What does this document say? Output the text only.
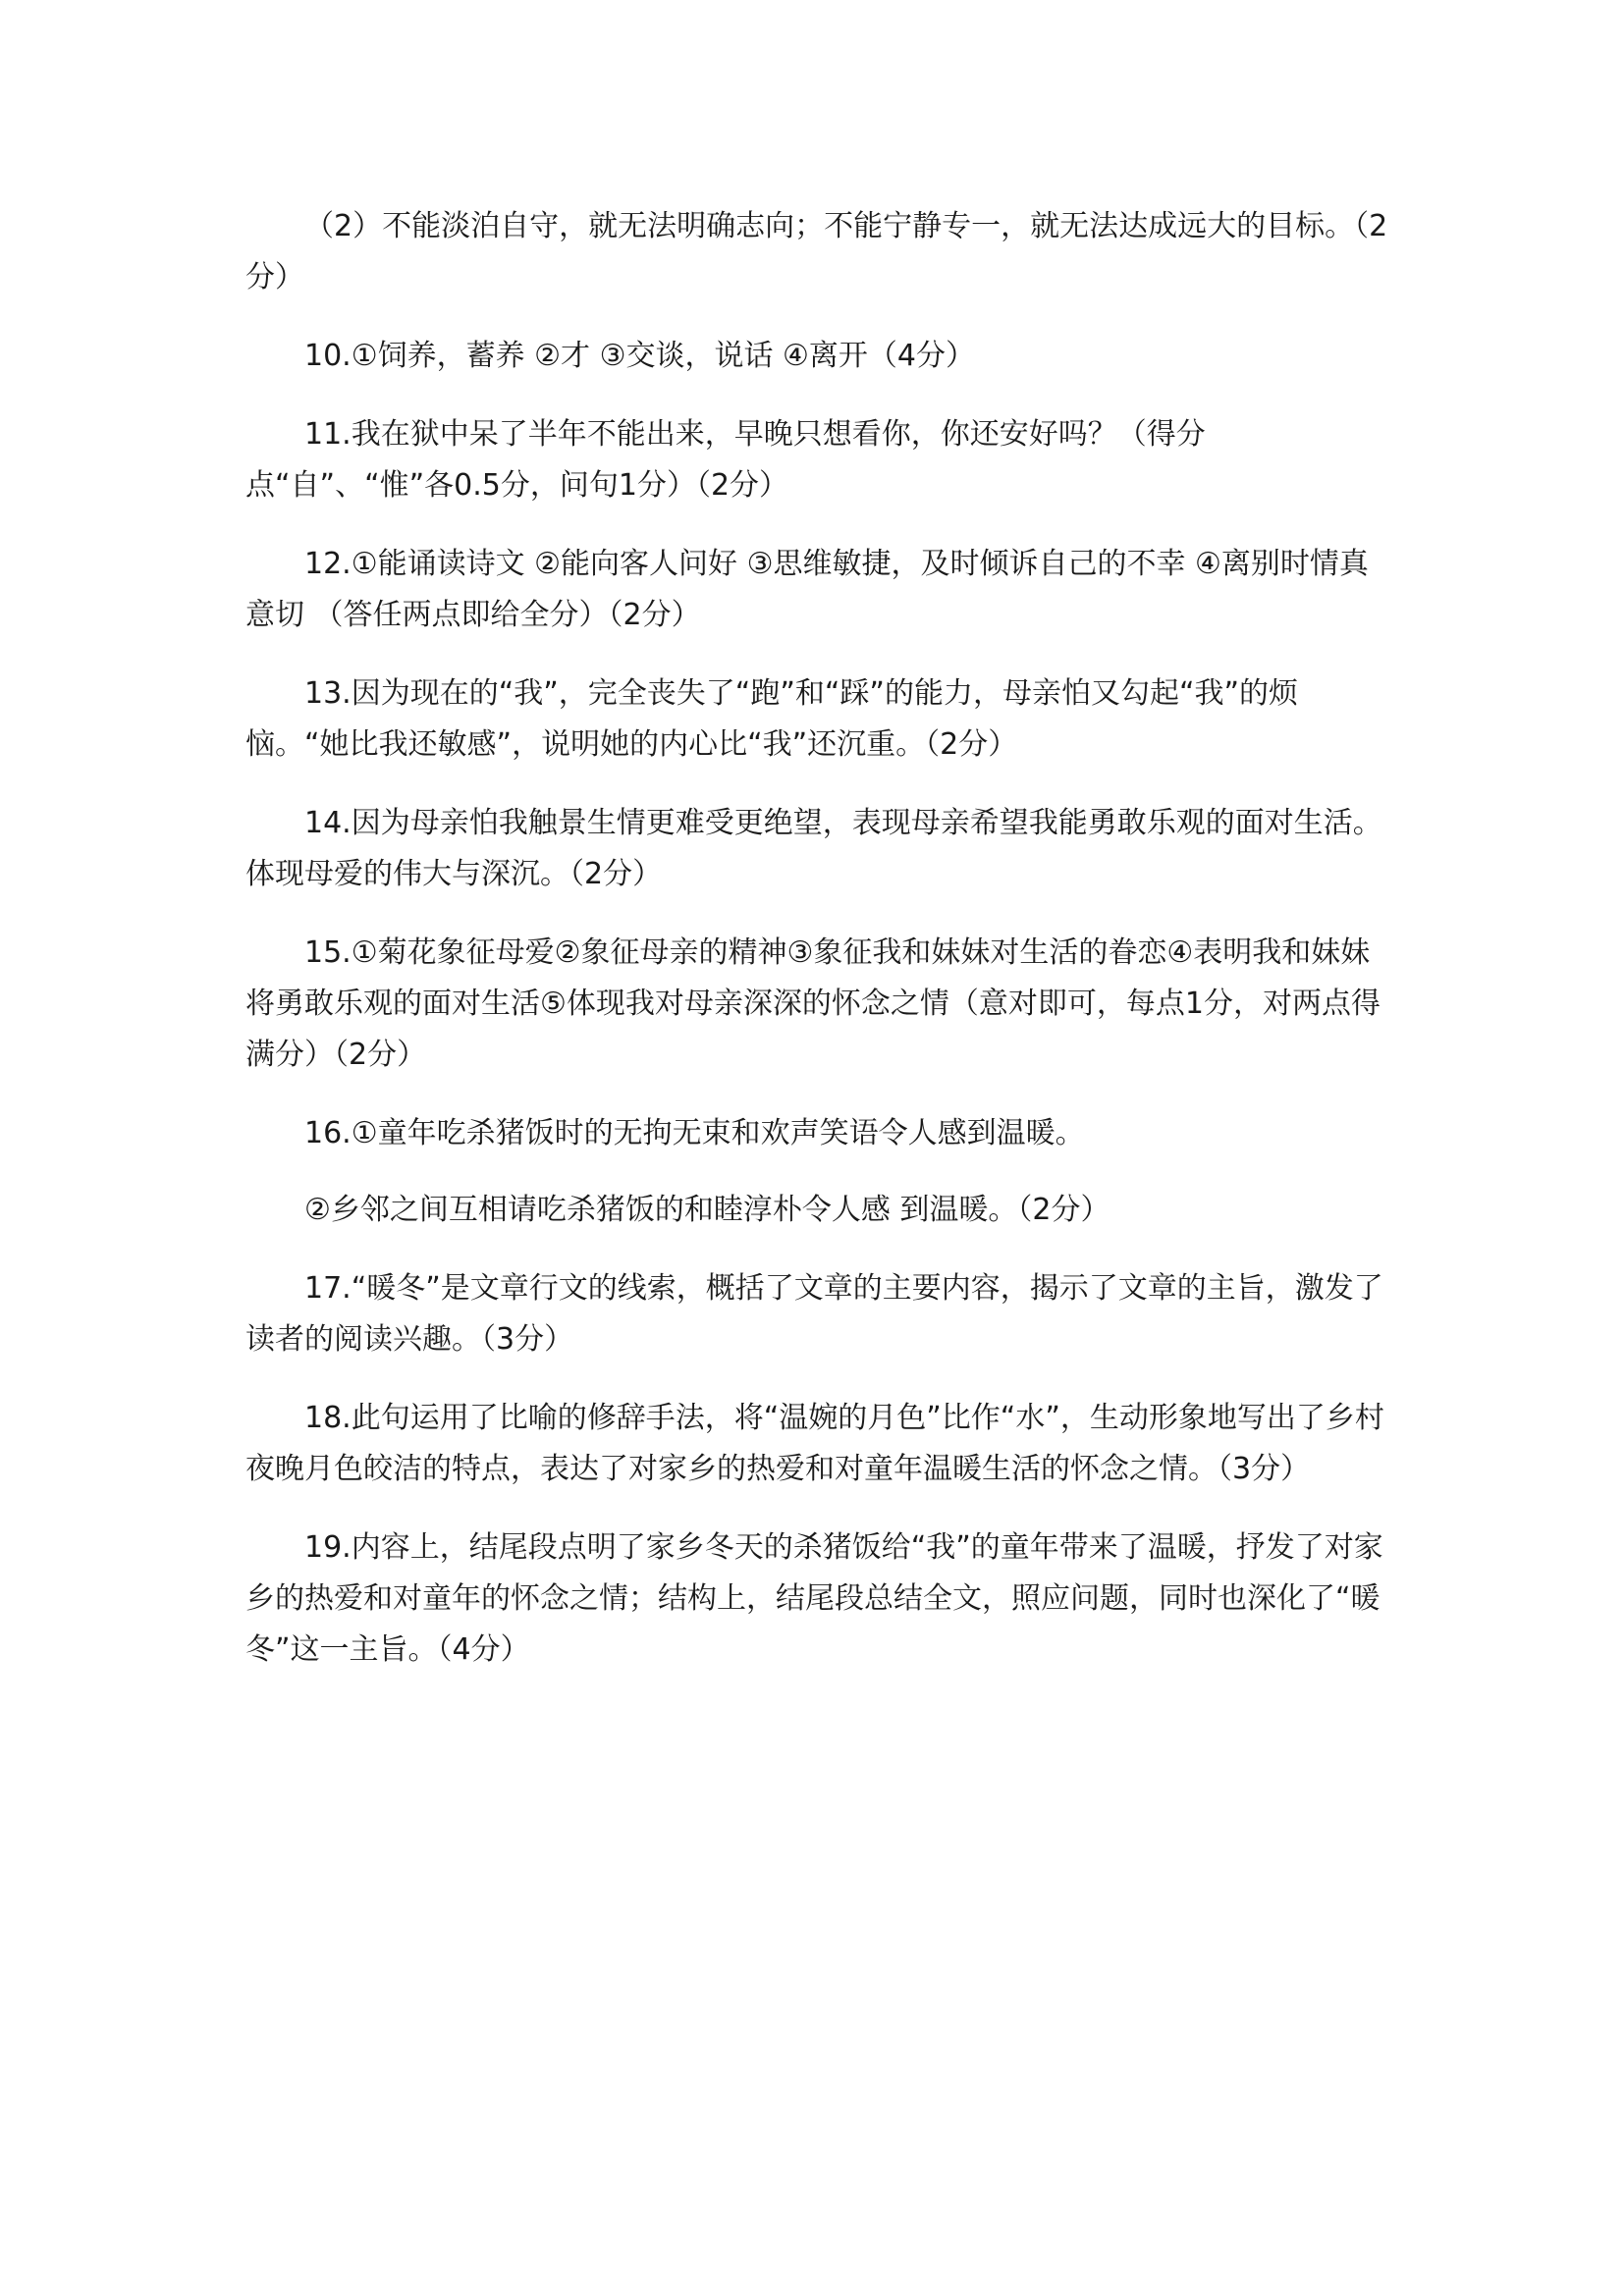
（2）不能淡泊自守，就无法明确志向；不能宁静专一，就无法达成远大的目标。（2分）
10.①饲养，蓄养 ②才 ③交谈，说话 ④离开（4分）
11.我在狱中呆了半年不能出来，早晚只想看你，你还安好吗？（得分点“自”、“惟”各0.5分，问句1分）（2分）
12.①能诵读诗文 ②能向客人问好 ③思维敏捷，及时倾诉自己的不幸 ④离别时情真意切 （答任两点即给全分）（2分）
13.因为现在的“我”，完全丧失了“跑”和“踩”的能力，母亲怕又勾起“我”的烦恼。“她比我还敏感”，说明她的内心比“我”还沉重。（2分）
14.因为母亲怕我触景生情更难受更绝望，表现母亲希望我能勇敢乐观的面对生活。体现母爱的伟大与深沉。（2分）
15.①菊花象征母爱②象征母亲的精神③象征我和妹妹对生活的眷恋④表明我和妹妹将勇敢乐观的面对生活⑤体现我对母亲深深的怀念之情（意对即可，每点1分，对两点得满分）（2分）
16.①童年吃杀猪饭时的无拘无束和欢声笑语令人感到温暖。
②乡邻之间互相请吃杀猪饭的和睦淳朴令人感 到温暖。（2分）
17.“暖冬”是文章行文的线索，概括了文章的主要内容，揭示了文章的主旨，激发了读者的阅读兴趣。（3分）
18.此句运用了比喻的修辞手法，将“温婉的月色”比作“水”，生动形象地写出了乡村夜晚月色皎洁的特点，表达了对家乡的热爱和对童年温暖生活的怀念之情。（3分）
19.内容上，结尾段点明了家乡冬天的杀猪饭给“我”的童年带来了温暖，抒发了对家乡的热爱和对童年的怀念之情；结构上，结尾段总结全文，照应问题，同时也深化了“暖冬”这一主旨。（4分）
